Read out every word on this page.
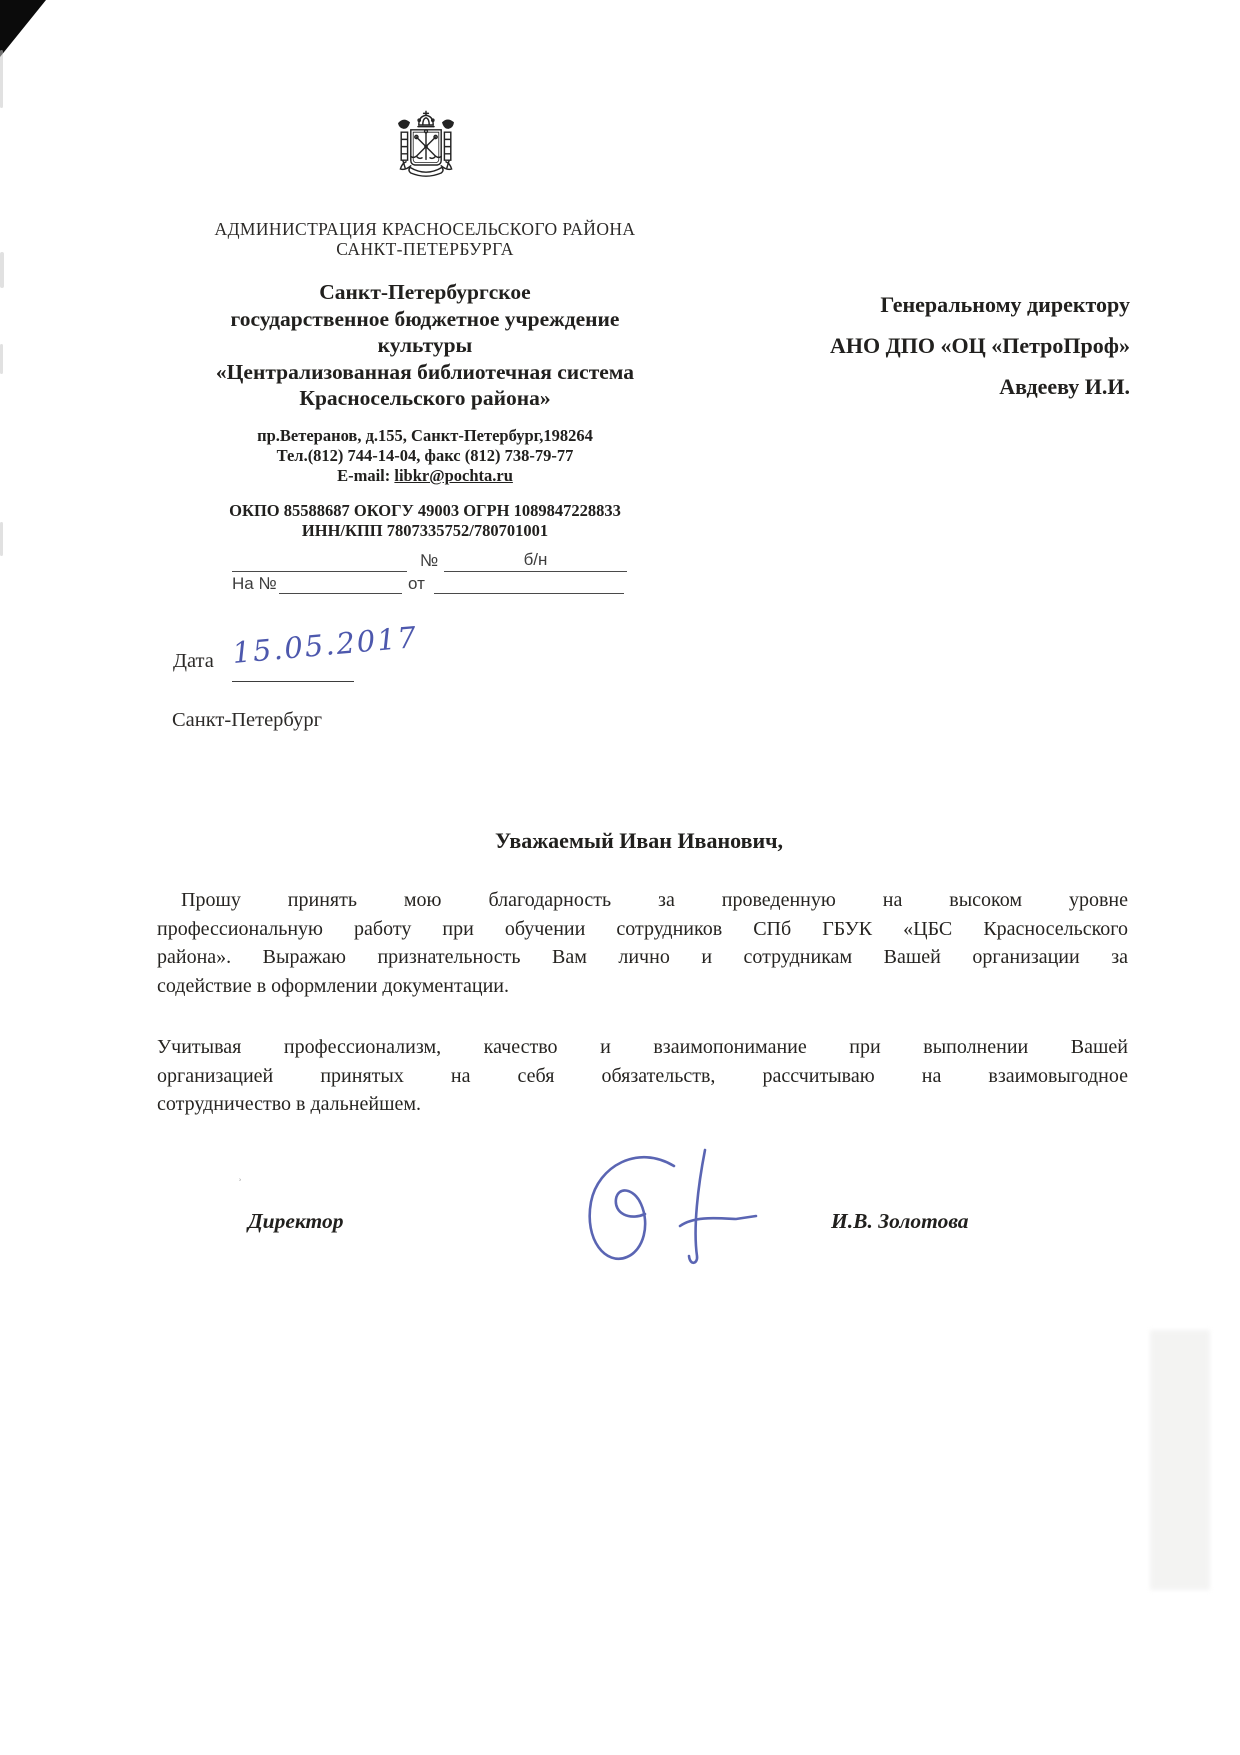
ʾ
АДМИНИСТРАЦИЯ КРАСНОСЕЛЬСКОГО РАЙОНА
САНКТ-ПЕТЕРБУРГА
Санкт-Петербургское
государственное бюджетное учреждение
культуры
«Централизованная библиотечная система
Красносельского района»
пр.Ветеранов, д.155, Санкт-Петербург,198264
Тел.(812) 744-14-04, факс (812) 738-79-77
E-mail: libkr@pochta.ru
ОКПО 85588687 ОКОГУ 49003 ОГРН 1089847228833
ИНН/КПП 7807335752/780701001
№	б/н
На №	от
Генеральному директору
АНО ДПО «ОЦ «ПетроПроф»
Авдееву И.И.
Дата 15.05.2017
Санкт-Петербург
Уважаемый Иван Иванович,
Прошу принять мою благодарность за проведенную на высоком уровне
профессиональную работу при обучении сотрудников СПб ГБУК «ЦБС Красносельского
района». Выражаю признательность Вам лично и сотрудникам Вашей организации за
содействие в оформлении документации.
Учитывая профессионализм, качество и взаимопонимание при выполнении Вашей
организацией принятых на себя обязательств, рассчитываю на взаимовыгодное
сотрудничество в дальнейшем.
Директор	И.В. Золотова
